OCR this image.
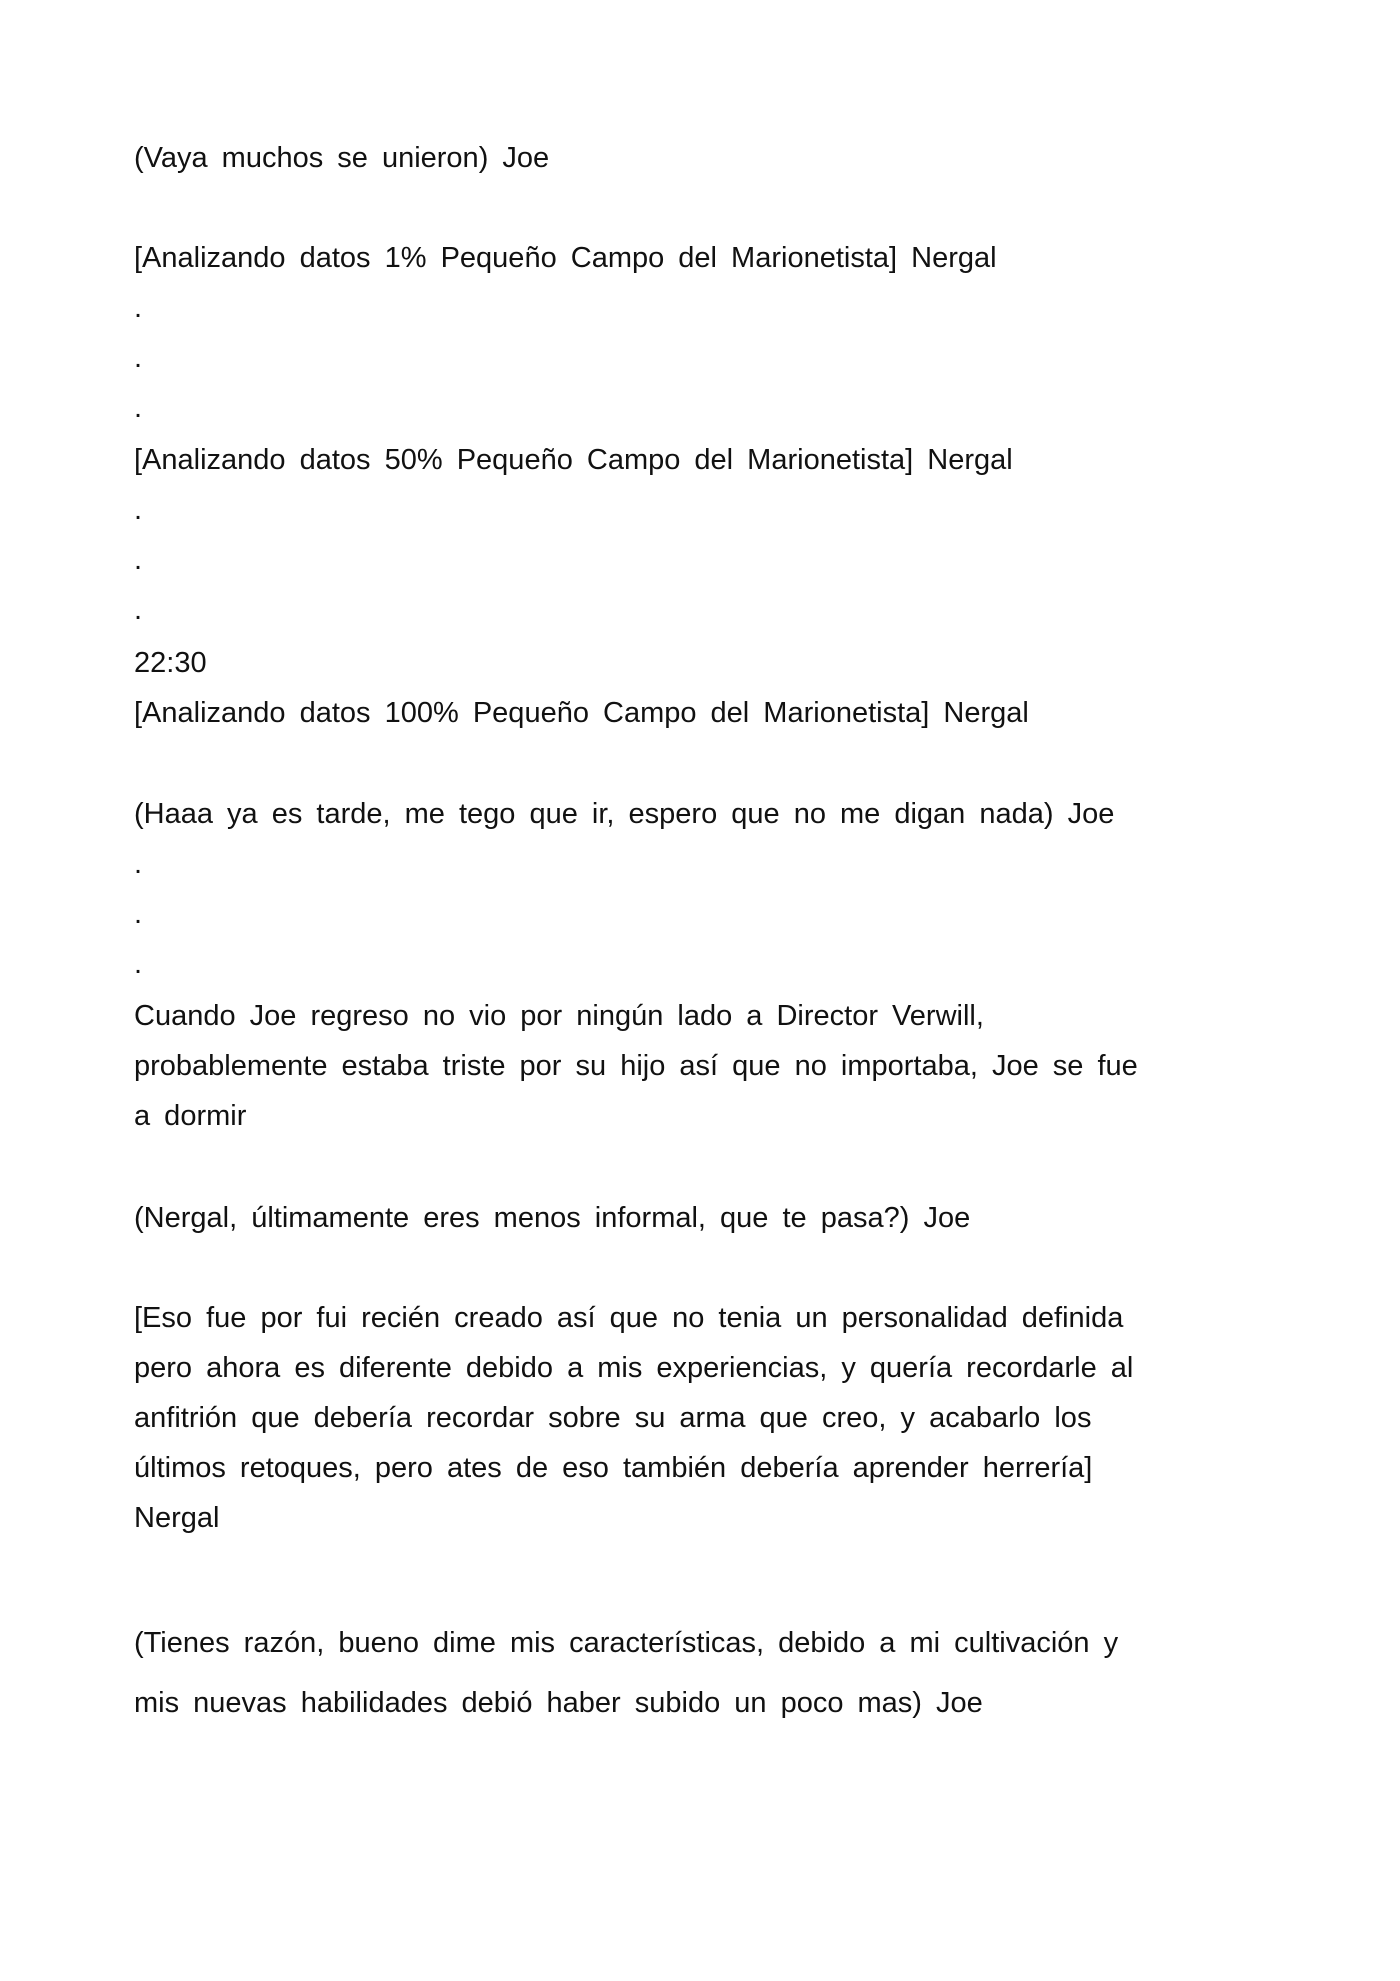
(Vaya muchos se unieron) Joe

[Analizando datos 1% Pequeño Campo del Marionetista] Nergal

.

.

.

[Analizando datos 50% Pequeño Campo del Marionetista] Nergal

.

.

.

22:30

[Analizando datos 100% Pequeño Campo del Marionetista] Nergal

(Haaa ya es tarde, me tego que ir, espero que no me digan nada) Joe

.

.

.

Cuando Joe regreso no vio por ningún lado a Director Verwill,

probablemente estaba triste por su hijo así que no importaba, Joe se fue

a dormir

(Nergal, últimamente eres menos informal, que te pasa?) Joe

[Eso fue por fui recién creado así que no tenia un personalidad definida

pero ahora es diferente debido a mis experiencias, y quería recordarle al

anfitrión que debería recordar sobre su arma que creo, y acabarlo los

últimos retoques, pero ates de eso también debería aprender herrería]

Nergal

(Tienes razón, bueno dime mis características, debido a mi cultivación y

mis nuevas habilidades debió haber subido un poco mas) Joe
